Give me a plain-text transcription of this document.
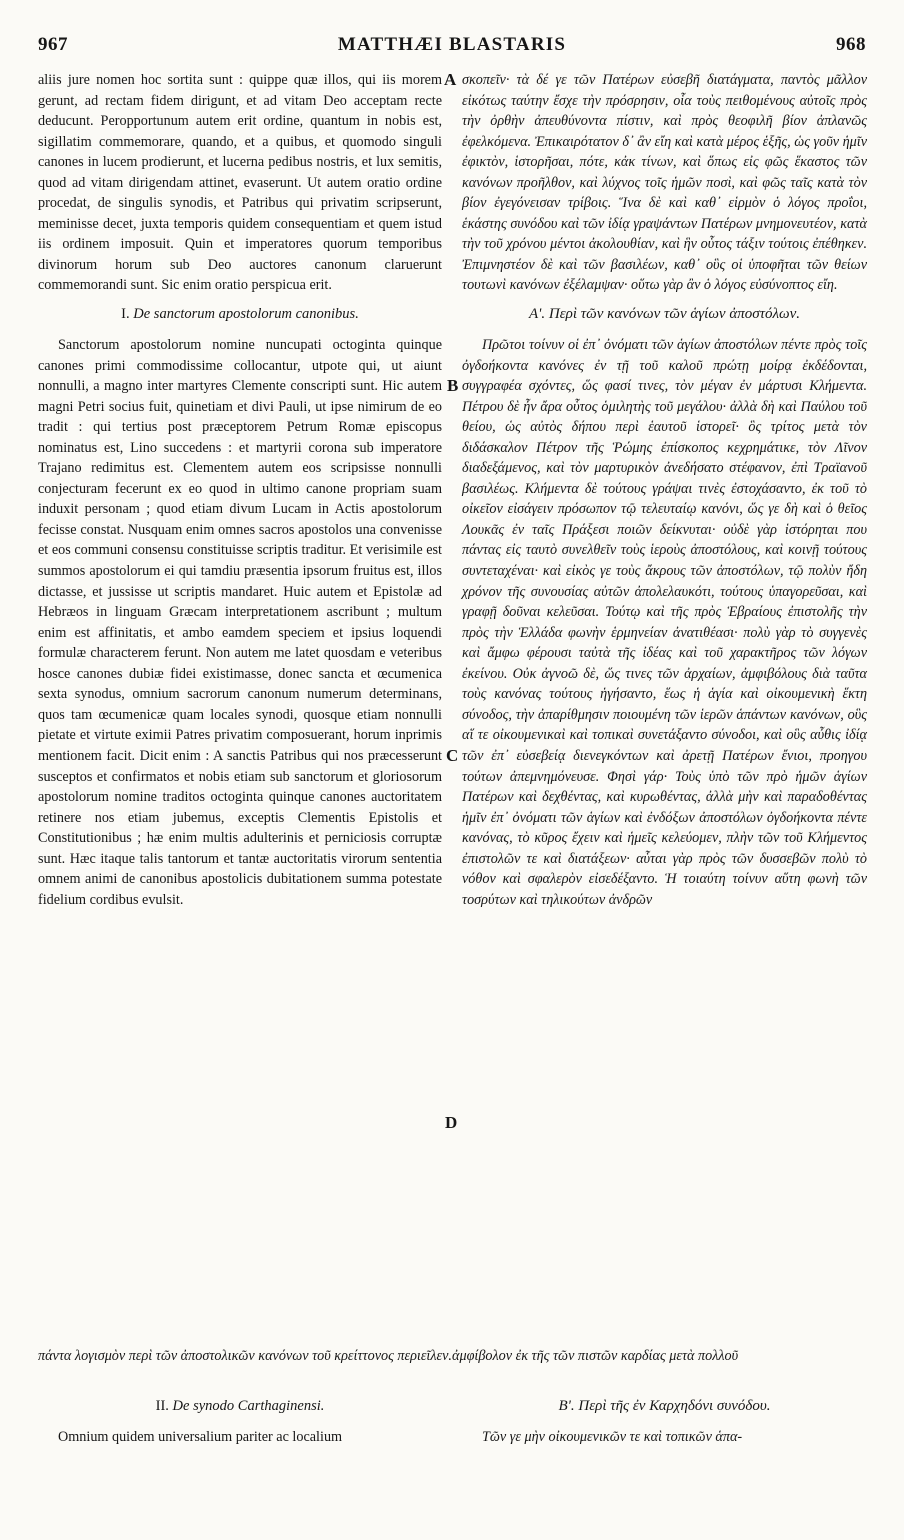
967	MATTHÆI BLASTARIS	968
A
B
C
D

aliis jure nomen hoc sortita sunt : quippe quæ illos, qui iis morem gerunt, ad rectam fidem dirigunt, et ad vitam Deo acceptam recte deducunt. Peropportunum autem erit ordine, quantum in nobis est, sigillatim commemorare, quando, et a quibus, et quomodo singuli canones in lucem prodierunt, et lucerna pedibus nostris, et lux semitis, quod ad vitam dirigendam attinet, evaserunt. Ut autem oratio ordine procedat, de singulis synodis, et Patribus qui privatim scripserunt, meminisse decet, juxta temporis quidem consequentiam et quem istud iis ordinem imposuit. Quin et imperatores quorum temporibus divinorum horum sub Deo auctores canonum claruerunt commemorandi sunt. Sic enim oratio perspicua erit.

I. De sanctorum apostolorum canonibus.

Sanctorum apostolorum nomine nuncupati octoginta quinque canones primi commodissime collocantur, utpote qui, ut aiunt nonnulli, a magno inter martyres Clemente conscripti sunt. Hic autem magni Petri socius fuit, quinetiam et divi Pauli, ut ipse nimirum de eo tradit : qui tertius post præceptorem Petrum Romæ episcopus nominatus est, Lino succedens : et martyrii corona sub imperatore Trajano redimitus est. Clementem autem eos scripsisse nonnulli conjecturam fecerunt ex eo quod in ultimo canone propriam suam induxit personam ; quod etiam divum Lucam in Actis apostolorum fecisse constat. Nusquam enim omnes sacros apostolos una convenisse et eos communi consensu constituisse scriptis traditur. Et verisimile est summos apostolorum ei qui tamdiu præsentia ipsorum fruitus est, illos dictasse, et jussisse ut scriptis mandaret. Huic autem et Epistolæ ad Hebræos in linguam Græcam interpretationem ascribunt ; multum enim est affinitatis, et ambo eamdem speciem et ipsius loquendi formulæ characterem ferunt. Non autem me latet quosdam e veteribus hosce canones dubiæ fidei existimasse, donec sancta et œcumenica sexta synodus, omnium sacrorum canonum numerum determinans, quos tam œcumenicæ quam locales synodi, quosque etiam nonnulli pietate et virtute eximii Patres privatim composuerant, horum inprimis mentionem facit. Dicit enim : A sanctis Patribus qui nos præcesserunt susceptos et confirmatos et nobis etiam sub sanctorum et gloriosorum apostolorum nomine traditos octoginta quinque canones auctoritatem retinere nos etiam jubemus, exceptis Clementis Epistolis et Constitutionibus ; hæ enim multis adulterinis et perniciosis corruptæ sunt. Hæc itaque talis tantorum et tantæ auctoritatis virorum sententia omnem animi de canonibus apostolicis dubitationem summa potestate fidelium cordibus evulsit.

σκοπεῖν· τὰ δέ γε τῶν Πατέρων εὐσεβῆ διατάγματα, παντὸς μᾶλλον εἰκότως ταύτην ἔσχε τὴν πρόσρησιν, οἷα τοὺς πειθομένους αὐτοῖς πρὸς τὴν ὀρθὴν ἀπευθύνοντα πίστιν, καὶ πρὸς θεοφιλῆ βίον ἀπλανῶς ἐφελκόμενα. Ἐπικαιρότατον δ᾽ ἂν εἴη καὶ κατὰ μέρος ἑξῆς, ὡς γοῦν ἡμῖν ἐφικτὸν, ἱστορῆσαι, πότε, κἀκ τίνων, καὶ ὅπως εἰς φῶς ἕκαστος τῶν κανόνων προῆλθον, καὶ λύχνος τοῖς ἡμῶν ποσὶ, καὶ φῶς ταῖς κατὰ τὸν βίον ἐγεγόνεισαν τρίβοις. Ἵνα δὲ καὶ καθ᾽ εἱρμὸν ὁ λόγος προΐοι, ἑκάστης συνόδου καὶ τῶν ἰδίᾳ γραψάντων Πατέρων μνημονευτέον, κατὰ τὴν τοῦ χρόνου μέντοι ἀκολουθίαν, καὶ ἣν οὗτος τάξιν τούτοις ἐπέθηκεν. Ἐπιμνηστέον δὲ καὶ τῶν βασιλέων, καθ᾽ οὓς οἱ ὑποφῆται τῶν θείων τουτωνὶ κανόνων ἐξέλαμψαν· οὕτω γὰρ ἂν ὁ λόγος εὐσύνοπτος εἴη.

Α'. Περὶ τῶν κανόνων τῶν ἁγίων ἀποστόλων.

Πρῶτοι τοίνυν οἱ ἐπ᾽ ὀνόματι τῶν ἁγίων ἀποστόλων πέντε πρὸς τοῖς ὀγδοήκοντα κανόνες ἐν τῇ τοῦ καλοῦ πρώτῃ μοίρᾳ ἐκδέδονται, συγγραφέα σχόντες, ὥς φασί τινες, τὸν μέγαν ἐν μάρτυσι Κλήμεντα. Πέτρου δὲ ἦν ἄρα οὗτος ὁμιλητὴς τοῦ μεγάλου· ἀλλὰ δὴ καὶ Παύλου τοῦ θείου, ὡς αὐτὸς δήπου περὶ ἑαυτοῦ ἱστορεῖ· ὃς τρίτος μετὰ τὸν διδάσκαλον Πέτρον τῆς Ῥώμης ἐπίσκοπος κεχρημάτικε, τὸν Λῖνον διαδεξάμενος, καὶ τὸν μαρτυρικὸν ἀνεδήσατο στέφανον, ἐπὶ Τραϊανοῦ βασιλέως. Κλήμεντα δὲ τούτους γράψαι τινὲς ἐστοχάσαντο, ἐκ τοῦ τὸ οἰκεῖον εἰσάγειν πρόσωπον τῷ τελευταίῳ κανόνι, ὥς γε δὴ καὶ ὁ θεῖος Λουκᾶς ἐν ταῖς Πράξεσι ποιῶν δείκνυται· οὐδὲ γὰρ ἱστόρηται που πάντας εἰς ταυτὸ συνελθεῖν τοὺς ἱεροὺς ἀποστόλους, καὶ κοινῇ τούτους συντεταχέναι· καὶ εἰκὸς γε τοὺς ἄκρους τῶν ἀποστόλων, τῷ πολὺν ἤδη χρόνον τῆς συνουσίας αὐτῶν ἀπολελαυκότι, τούτους ὑπαγορεῦσαι, καὶ γραφῇ δοῦναι κελεῦσαι. Τούτῳ καὶ τῆς πρὸς Ἑβραίους ἐπιστολῆς τὴν πρὸς τὴν Ἑλλάδα φωνὴν ἑρμηνείαν ἀνατιθέασι· πολὺ γὰρ τὸ συγγενὲς καὶ ἄμφω φέρουσι ταὐτὰ τῆς ἰδέας καὶ τοῦ χαρακτῆρος τῶν λόγων ἐκείνου. Οὐκ ἀγνοῶ δὲ, ὥς τινες τῶν ἀρχαίων, ἀμφιβόλους διὰ ταῦτα τοὺς κανόνας τούτους ἡγήσαντο, ἕως ἡ ἁγία καὶ οἰκουμενικὴ ἕκτη σύνοδος, τὴν ἀπαρίθμησιν ποιουμένη τῶν ἱερῶν ἁπάντων κανόνων, οὓς αἵ τε οἰκουμενικαὶ καὶ τοπικαὶ συνετάξαντο σύνοδοι, καὶ οὓς αὖθις ἰδίᾳ τῶν ἐπ᾽ εὐσεβείᾳ διενεγκόντων καὶ ἀρετῇ Πατέρων ἔνιοι, προηγου τούτων ἀπεμνημόνευσε. Φησὶ γάρ· Τοὺς ὑπὸ τῶν πρὸ ἡμῶν ἁγίων Πατέρων καὶ δεχθέντας, καὶ κυρωθέντας, ἀλλὰ μὴν καὶ παραδοθέντας ἡμῖν ἐπ᾽ ὀνόματι τῶν ἁγίων καὶ ἐνδόξων ἀποστόλων ὀγδοήκοντα πέντε κανόνας, τὸ κῦρος ἔχειν καὶ ἡμεῖς κελεύομεν, πλὴν τῶν τοῦ Κλήμεντος ἐπιστολῶν τε καὶ διατάξεων· αὗται γὰρ πρὸς τῶν δυσσεβῶν πολὺ τὸ νόθον καὶ σφαλερὸν εἰσεδέξαντο. Ἡ τοιαύτη τοίνυν αὕτη φωνὴ τῶν τοσρύτων καὶ τηλικούτων ἀνδρῶν

πάντα λογισμὸν περὶ τῶν ἀποστολικῶν κανόνων τοῦ κρείττονος περιεῖλεν. ἀμφίβολον ἐκ τῆς τῶν πιστῶν καρδίας μετὰ πολλοῦ
II. De synodo Carthaginensi.

Omnium quidem universalium pariter ac localium

Β'. Περὶ τῆς ἐν Καρχηδόνι συνόδου.

Τῶν γε μὴν οἰκουμενικῶν τε καὶ τοπικῶν ἁπα-
